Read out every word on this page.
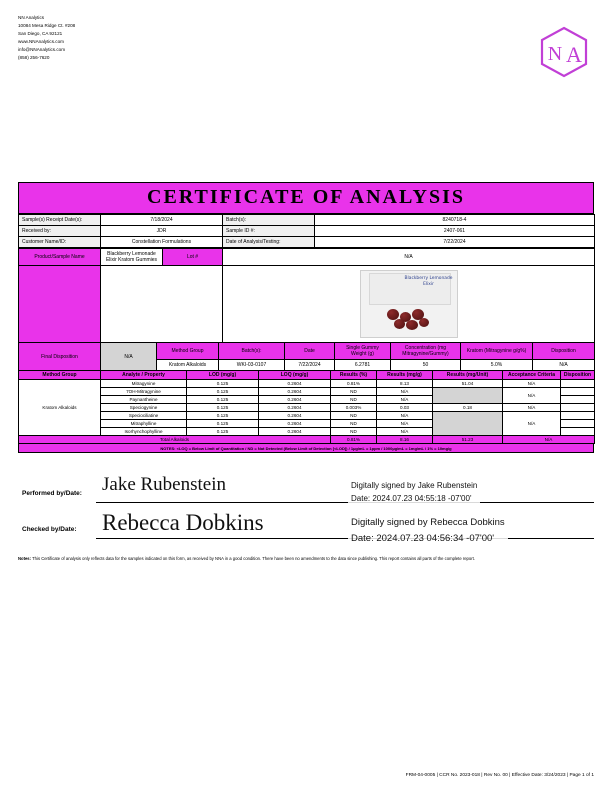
NN Analytics
10084 Mesa Ridge Ct. #208
San Diego, CA 92121
www.NNAnalytics.com
info@NNAnalytics.com
(858) 256-7620	N A
CERTIFICATE OF ANALYSIS
Sample(s) Receipt Date(s):	7/18/2024	Batch(s):	8240718-4
Received by:	JDR	Sample ID #:	2407-061
Customer Name/ID:	Constellation Formulations	Date of Analysis/Testing:	7/22/2024
Product/Sample Name	Blackberry Lemonade Elixir Kratom Gummies	Lot #	N/A

Blackberry Lemonade Elixir
Final Disposition	N/A	Method Group	Batch(s):	Date	Single Gummy Weight (g)	Concentration (mg Mitragynine/Gummy)	Kratom (Mitragynine g/g%)	Disposition
		Kratom Alkaloids	WKI-03-0107	7/22/2024	6.2781	50	5.0%	N/A
Method Group	Analyte / Property	LOD (mg/g)	LOQ (mg/g)	Results (%)	Results (mg/g)	Results (mg/Unit)	Acceptance Criteria	Disposition
Kratom Alkaloids	Mitragynine	0.125	0.2604	0.81%	8.13	51.04	N/A	
	7OH-Mitragynine	0.125	0.2604	ND	N/A		N/A	
	Paynantheine	0.125	0.2604	ND	N/A			
	Speciogynine	0.125	0.2604	0.003%	0.03	0.18	N/A	
	Speciociliatine	0.125	0.2604	ND	N/A		N/A	
	Mitraphylline	0.125	0.2604	ND	N/A			
	Isorhynchophylline	0.125	0.2604	ND	N/A			
Total Alkaloids				0.81%	8.16	51.23	N/A	
NOTES: <LOQ = Below Limit of Quantitation / ND = Not Detected (Below Limit of Detection [<LOD]) / 1µg/mL = 1ppm / 1000µg/mL = 1mg/mL / 1% = 10mg/g
Performed by/Date: Jake Rubenstein	Digitally signed by Jake Rubenstein
Date: 2024.07.23 04:55:18 -07'00'
Checked by/Date: Rebecca Dobkins	Digitally signed by Rebecca Dobkins
Date: 2024.07.23 04:56:34 -07'00'
Notes: This Certificate of analysis only reflects data for the samples indicated on this form, as received by NNA in a good condition. There have been no amendments to the data since publishing. This report contains all parts of the complete report.
FRM-04-0005 | CCR No. 2023-018 | Rev No. 00 | Effective Date: 3/24/2023 | Page 1 of 1
